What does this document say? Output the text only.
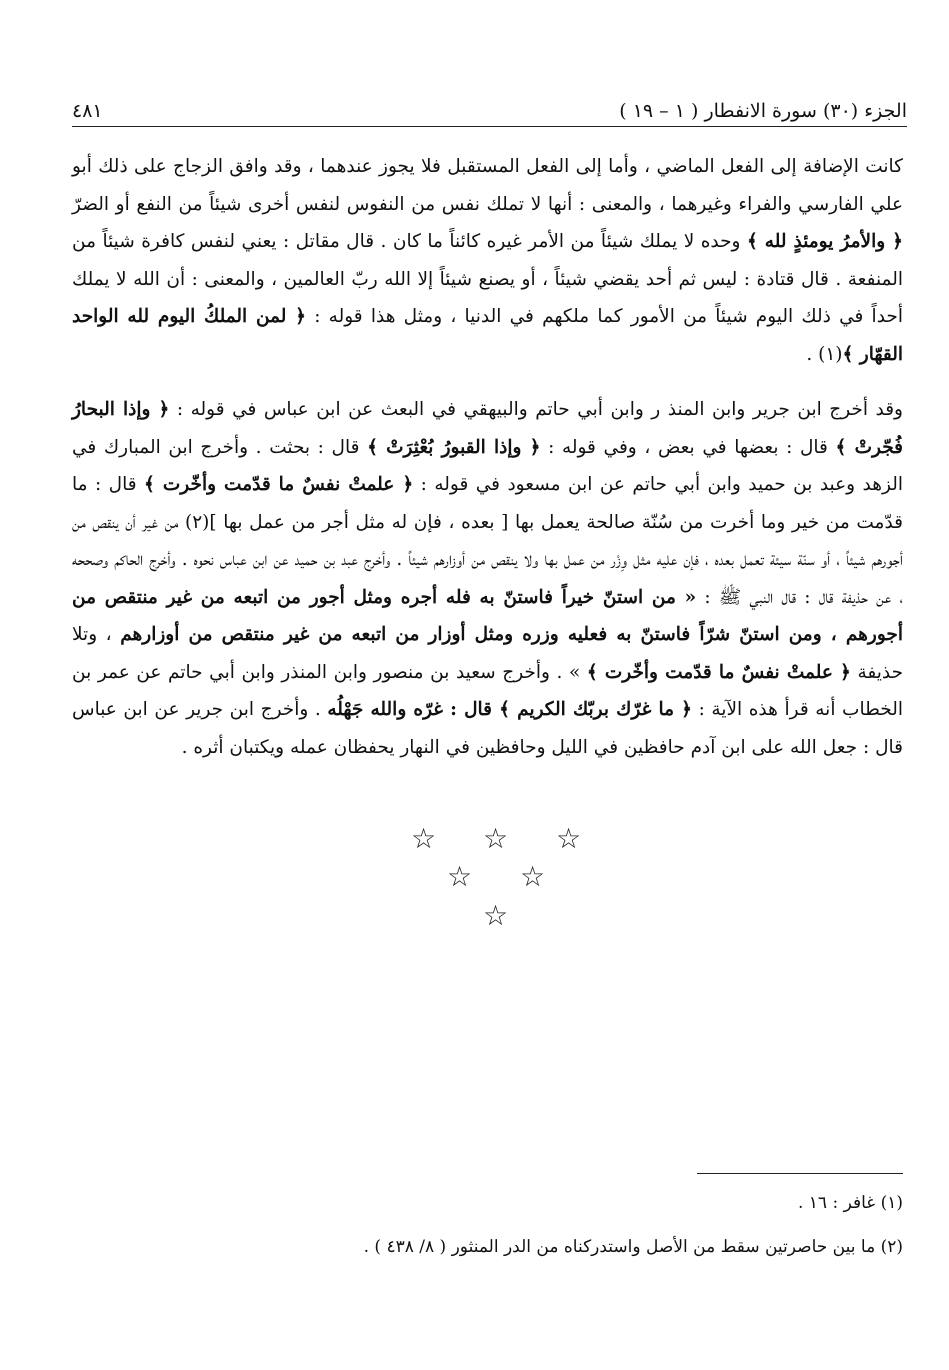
الجزء (٣٠) سورة الانفطار ( ١ – ١٩ )
٤٨١

كانت الإضافة إلى الفعل الماضي ، وأما إلى الفعل المستقبل فلا يجوز عندهما ، وقد وافق الزجاج على ذلك أبو علي الفارسي والفراء وغيرهما ، والمعنى : أنها لا تملك نفس من النفوس لنفس أخرى شيئاً من النفع أو الضرّ ﴿ والأمرُ يومئذٍ لله ﴾ وحده لا يملك شيئاً من الأمر غيره كائناً ما كان . قال مقاتل : يعني لنفس كافرة شيئاً من المنفعة . قال قتادة : ليس ثم أحد يقضي شيئاً ، أو يصنع شيئاً إلا الله ربّ العالمين ، والمعنى : أن الله لا يملك أحداً في ذلك اليوم شيئاً من الأمور كما ملكهم في الدنيا ، ومثل هذا قوله : ﴿ لمن الملكُ اليوم لله الواحد القهّار ﴾(١) .

وقد أخرج ابن جرير وابن المنذ ر وابن أبي حاتم والبيهقي في البعث عن ابن عباس في قوله : ﴿ وإذا البحارُ فُجّرتْ ﴾ قال : بعضها في بعض ، وفي قوله : ﴿ وإذا القبورُ بُعْثِرَتْ ﴾ قال : بحثت . وأخرج ابن المبارك في الزهد وعبد بن حميد وابن أبي حاتم عن ابن مسعود في قوله : ﴿ علمتْ نفسٌ ما قدّمت وأخّرت ﴾ قال : ما قدّمت من خير وما أخرت من سُنّة صالحة يعمل بها [ بعده ، فإن له مثل أجر من عمل بها ](٢) من غير أن ينقص من أجورهم شيئاً ، أو سنّة سيئة تعمل بعده ، فإن عليه مثل وِزْر من عمل بها ولا ينقص من أوزارهم شيئاً . وأخرج عبد بن حميد عن ابن عباس نحوه . وأخرج الحاكم وصححه ، عن حذيفة قال : قال النبي ﷺ : « من استنّ خيراً فاستنّ به فله أجره ومثل أجور من اتبعه من غير منتقص من أجورهم ، ومن استنّ شرّاً فاستنّ به فعليه وزره ومثل أوزار من اتبعه من غير منتقص من أوزارهم ، وتلا حذيفة ﴿ علمتْ نفسٌ ما قدّمت وأخّرت ﴾ » . وأخرج سعيد بن منصور وابن المنذر وابن أبي حاتم عن عمر بن الخطاب أنه قرأ هذه الآية : ﴿ ما غرّك بربّك الكريم ﴾ قال : غرّه والله جَهْلُه . وأخرج ابن جرير عن ابن عباس قال : جعل الله على ابن آدم حافظين في الليل وحافظين في النهار يحفظان عمله ويكتبان أثره .

☆ ☆ ☆
☆ ☆
☆
(١) غافر : ١٦ .
(٢) ما بين حاصرتين سقط من الأصل واستدركناه من الدر المنثور ( ٨/ ٤٣٨ ) .
